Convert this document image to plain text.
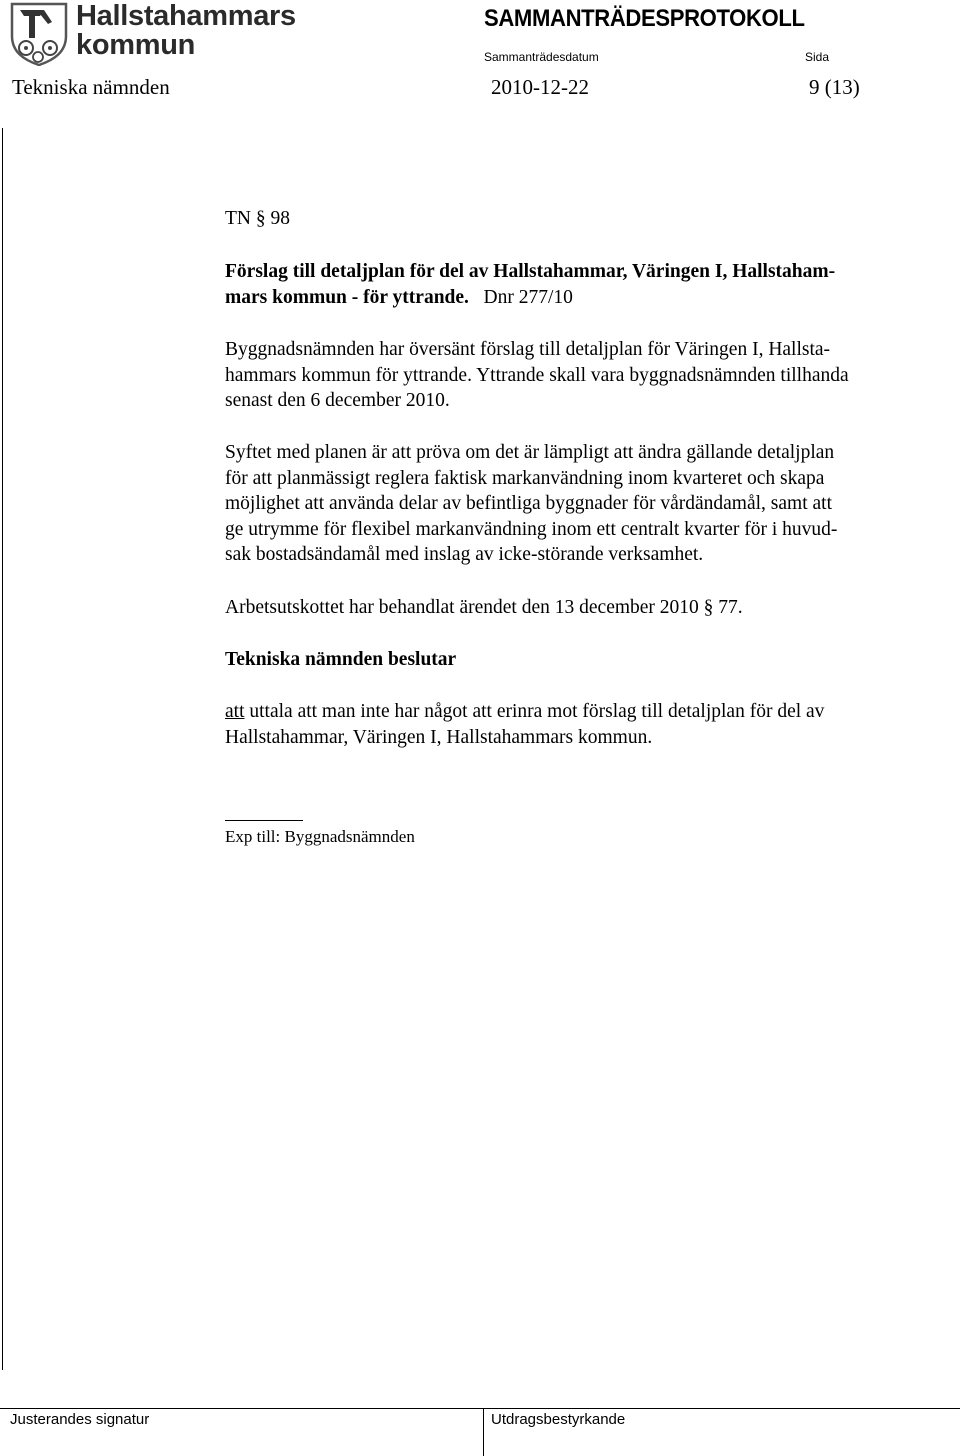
Hallstahammars
kommun
SAMMANTRÄDESPROTOKOLL
Sammanträdesdatum	Sida
Tekniska nämnden	2010-12-22	9 (13)
TN § 98

Förslag till detaljplan för del av Hallstahammar, Väringen I, Hallstaham-

mars kommun - för yttrande. Dnr 277/10

Byggnadsnämnden har översänt förslag till detaljplan för Väringen I, Hallsta-

hammars kommun för yttrande. Yttrande skall vara byggnadsnämnden tillhanda

senast den 6 december 2010.

Syftet med planen är att pröva om det är lämpligt att ändra gällande detaljplan

för att planmässigt reglera faktisk markanvändning inom kvarteret och skapa

möjlighet att använda delar av befintliga byggnader för vårdändamål, samt att

ge utrymme för flexibel markanvändning inom ett centralt kvarter för i huvud-

sak bostadsändamål med inslag av icke-störande verksamhet.

Arbetsutskottet har behandlat ärendet den 13 december 2010 § 77.
Tekniska nämnden beslutar

att uttala att man inte har något att erinra mot förslag till detaljplan för del av

Hallstahammar, Väringen I, Hallstahammars kommun.

Exp till: Byggnadsnämnden
Justerandes signatur	Utdragsbestyrkande
